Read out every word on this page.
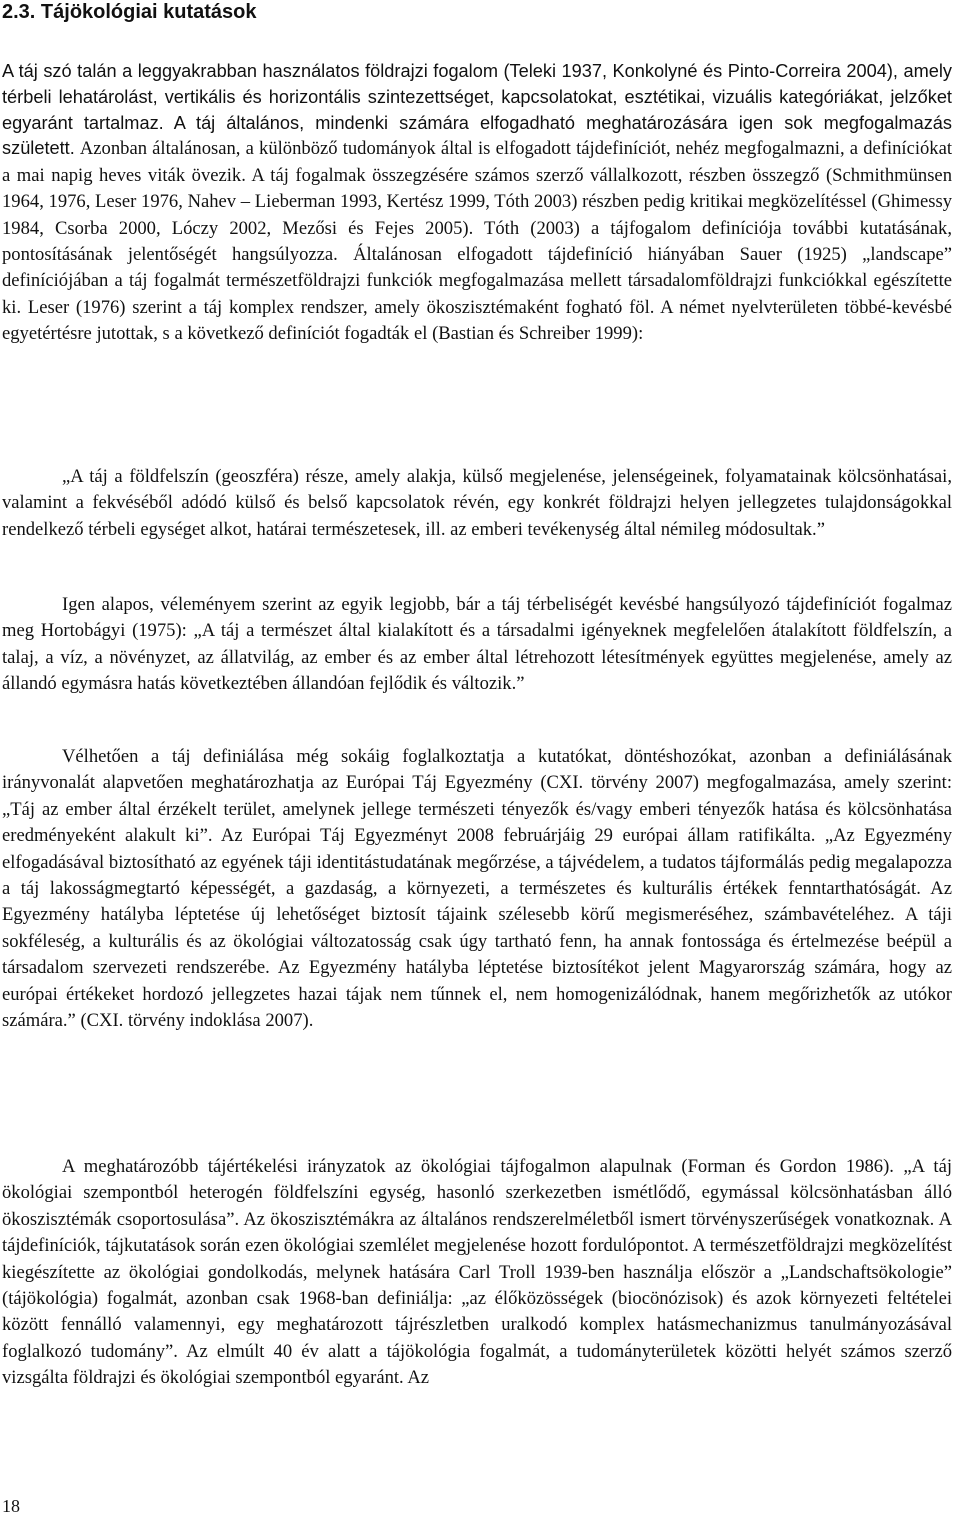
2.3. Tájökológiai kutatások
A táj szó talán a leggyakrabban használatos földrajzi fogalom (Teleki 1937, Konkolyné és Pinto-Correira 2004), amely térbeli lehatárolást, vertikális és horizontális szintezettséget, kapcsolatokat, esztétikai, vizuális kategóriákat, jelzőket egyaránt tartalmaz. A táj általános, mindenki számára elfogadható meghatározására igen sok megfogalmazás született. Azonban általánosan, a különböző tudományok által is elfogadott tájdefiníciót, nehéz megfogalmazni, a definíciókat a mai napig heves viták övezik. A táj fogalmak összegzésére számos szerző vállalkozott, részben összegző (Schmithmünsen 1964, 1976, Leser 1976, Nahev – Lieberman 1993, Kertész 1999, Tóth 2003) részben pedig kritikai megközelítéssel (Ghimessy 1984, Csorba 2000, Lóczy 2002, Mezősi és Fejes 2005). Tóth (2003) a tájfogalom definíciója további kutatásának, pontosításának jelentőségét hangsúlyozza. Általánosan elfogadott tájdefiníció hiányában Sauer (1925) „landscape” definíciójában a táj fogalmát természetföldrajzi funkciók megfogalmazása mellett társadalomföldrajzi funkciókkal egészítette ki. Leser (1976) szerint a táj komplex rendszer, amely ökoszisztémaként fogható föl. A német nyelvterületen többé-kevésbé egyetértésre jutottak, s a következő definíciót fogadták el (Bastian és Schreiber 1999):

„A táj a földfelszín (geoszféra) része, amely alakja, külső megjelenése, jelenségeinek, folyamatainak kölcsönhatásai, valamint a fekvéséből adódó külső és belső kapcsolatok révén, egy konkrét földrajzi helyen jellegzetes tulajdonságokkal rendelkező térbeli egységet alkot, határai természetesek, ill. az emberi tevékenység által némileg módosultak.”

Igen alapos, véleményem szerint az egyik legjobb, bár a táj térbeliségét kevésbé hangsúlyozó tájdefiníciót fogalmaz meg Hortobágyi (1975): „A táj a természet által kialakított és a társadalmi igényeknek megfelelően átalakított földfelszín, a talaj, a víz, a növényzet, az állatvilág, az ember és az ember által létrehozott létesítmények együttes megjelenése, amely az állandó egymásra hatás következtében állandóan fejlődik és változik.”

Vélhetően a táj definiálása még sokáig foglalkoztatja a kutatókat, döntéshozókat, azonban a definiálásának irányvonalát alapvetően meghatározhatja az Európai Táj Egyezmény (CXI. törvény 2007) megfogalmazása, amely szerint: „Táj az ember által érzékelt terület, amelynek jellege természeti tényezők és/vagy emberi tényezők hatása és kölcsönhatása eredményeként alakult ki”. Az Európai Táj Egyezményt 2008 februárjáig 29 európai állam ratifikálta. „Az Egyezmény elfogadásával biztosítható az egyének táji identitástudatának megőrzése, a tájvédelem, a tudatos tájformálás pedig megalapozza a táj lakosságmegtartó képességét, a gazdaság, a környezeti, a természetes és kulturális értékek fenntarthatóságát. Az Egyezmény hatályba léptetése új lehetőséget biztosít tájaink szélesebb körű megismeréséhez, számbavételéhez. A táji sokféleség, a kulturális és az ökológiai változatosság csak úgy tartható fenn, ha annak fontossága és értelmezése beépül a társadalom szervezeti rendszerébe. Az Egyezmény hatályba léptetése biztosítékot jelent Magyarország számára, hogy az európai értékeket hordozó jellegzetes hazai tájak nem tűnnek el, nem homogenizálódnak, hanem megőrizhetők az utókor számára.” (CXI. törvény indoklása 2007).

A meghatározóbb tájértékelési irányzatok az ökológiai tájfogalmon alapulnak (Forman és Gordon 1986). „A táj ökológiai szempontból heterogén földfelszíni egység, hasonló szerkezetben ismétlődő, egymással kölcsönhatásban álló ökoszisztémák csoportosulása”. Az ökoszisztémákra az általános rendszerelméletből ismert törvényszerűségek vonatkoznak. A tájdefiníciók, tájkutatások során ezen ökológiai szemlélet megjelenése hozott fordulópontot. A természetföldrajzi megközelítést kiegészítette az ökológiai gondolkodás, melynek hatására Carl Troll 1939-ben használja először a „Landschaftsökologie” (tájökológia) fogalmát, azonban csak 1968-ban definiálja: „az élőközösségek (biocönózisok) és azok környezeti feltételei között fennálló valamennyi, egy meghatározott tájrészletben uralkodó komplex hatásmechanizmus tanulmányozásával foglalkozó tudomány”. Az elmúlt 40 év alatt a tájökológia fogalmát, a tudományterületek közötti helyét számos szerző vizsgálta földrajzi és ökológiai szempontból egyaránt. Az

18
